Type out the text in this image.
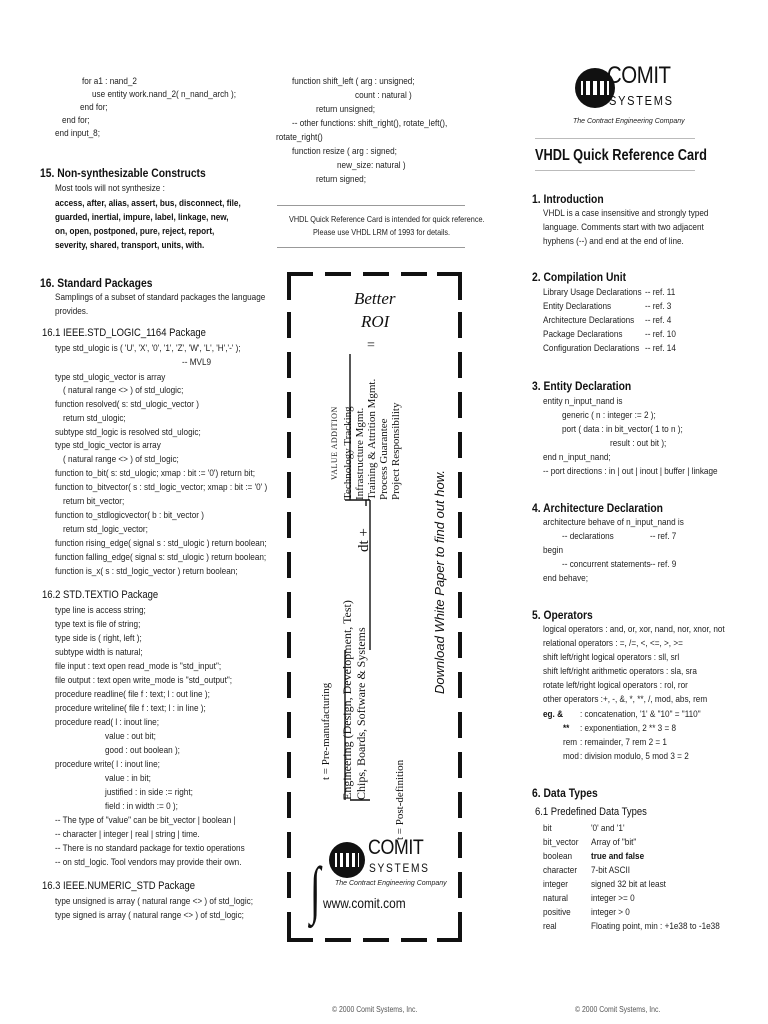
for a1 : nand_2
use entity work.nand_2( n_nand_arch );
end for;
end for;
end input_8;
15. Non-synthesizable Constructs
Most tools will not synthesize :
access, after, alias, assert, bus, disconnect, file,
guarded, inertial, impure, label, linkage, new,
on, open, postponed, pure, reject, report,
severity, shared, transport, units, with.
16. Standard Packages
Samplings of a subset of standard packages the language
provides.
16.1 IEEE.STD_LOGIC_1164 Package
type std_ulogic is ( 'U', 'X', '0', '1', 'Z', 'W', 'L', 'H','-' );
-- MVL9
type std_ulogic_vector is array
( natural range <> ) of std_ulogic;
function resolved( s: std_ulogic_vector )
return std_ulogic;
subtype std_logic is resolved std_ulogic;
type std_logic_vector is array
( natural range <> ) of std_logic;
function to_bit( s: std_ulogic; xmap : bit := '0') return bit;
function to_bitvector( s : std_logic_vector; xmap : bit := '0' )
return bit_vector;
function to_stdlogicvector( b : bit_vector )
return std_logic_vector;
function rising_edge( signal s : std_ulogic ) return boolean;
function falling_edge( signal s: std_ulogic ) return boolean;
function is_x( s : std_logic_vector ) return boolean;
16.2 STD.TEXTIO Package
type line is access string;
type text is file of string;
type side is ( right, left );
subtype width is natural;
file input : text open read_mode is "std_input";
file output : text open write_mode is "std_output";
procedure readline( file f : text; l : out line );
procedure writeline( file f : text; l : in line );
procedure read( l : inout line;
value : out bit;
good : out boolean );
procedure write( l : inout line;
value : in bit;
justified : in side := right;
field : in width := 0 );
-- The type of "value" can be bit_vector | boolean |
-- character | integer | real | string | time.
-- There is no standard package for textio operations
-- on std_logic. Tool vendors may provide their own.
16.3 IEEE.NUMERIC_STD Package
type unsigned is array ( natural range <> ) of std_logic;
type signed is array ( natural range <> ) of std_logic;
function shift_left ( arg : unsigned;
count : natural )
return unsigned;
-- other functions: shift_right(), rotate_left(),
rotate_right()
function resize ( arg : signed;
new_size: natural )
return signed;
VHDL Quick Reference Card is intended for quick reference.
Please use VHDL LRM of 1993 for details.
Better
ROI
=
VALUE ADDITION Technology Tracking Infrastructure Mgmt. Training & Attrition Mgmt. Process Guarantee Project Responsibility
dt +
Engineering (Design, Development, Test) Chips, Boards, Software & Systems
∫
t = Pre-manufacturing
t = Post-definition
Download White Paper to find out how.
COMIT
SYSTEMS
The Contract Engineering Company
www.comit.com
© 2000 Comit Systems, Inc.
COMIT
SYSTEMS
The Contract Engineering Company
VHDL Quick Reference Card
1. Introduction
VHDL is a case insensitive and strongly typed
language. Comments start with two adjacent
hyphens (--) and end at the end of line.
2. Compilation Unit
Library Usage Declarations -- ref. 11
Entity Declarations	-- ref. 3
Architecture Declarations -- ref. 4
Package Declarations -- ref. 10
Configuration Declarations -- ref. 14
3. Entity Declaration
entity n_input_nand is
generic ( n : integer := 2 );
port ( data : in bit_vector( 1 to n );
result : out bit );
end n_input_nand;
-- port directions : in | out | inout | buffer | linkage
4. Architecture Declaration
architecture behave of n_input_nand is
-- declarations	-- ref. 7
begin
-- concurrent statements -- ref. 9
end behave;
5. Operators
logical operators : and, or, xor, nand, nor, xnor, not
relational operators : =, /=, <, <=, >, >=
shift left/right logical operators : sll, srl
shift left/right arithmetic operators : sla, sra
rotate left/right logical operators : rol, ror
other operators :+, -, &, *, **, /, mod, abs, rem
eg. & : concatenation, '1' & "10" = "110"
** : exponentiation, 2 ** 3 = 8
rem : remainder, 7 rem 2 = 1
mod : division modulo, 5 mod 3 = 2
6. Data Types
6.1 Predefined Data Types
bit	'0' and '1'
bit_vector Array of "bit"
boolean true and false
character 7-bit ASCII
integer signed 32 bit at least
natural integer >= 0
positive integer > 0
real	Floating point, min : +1e38 to -1e38
© 2000 Comit Systems, Inc.
